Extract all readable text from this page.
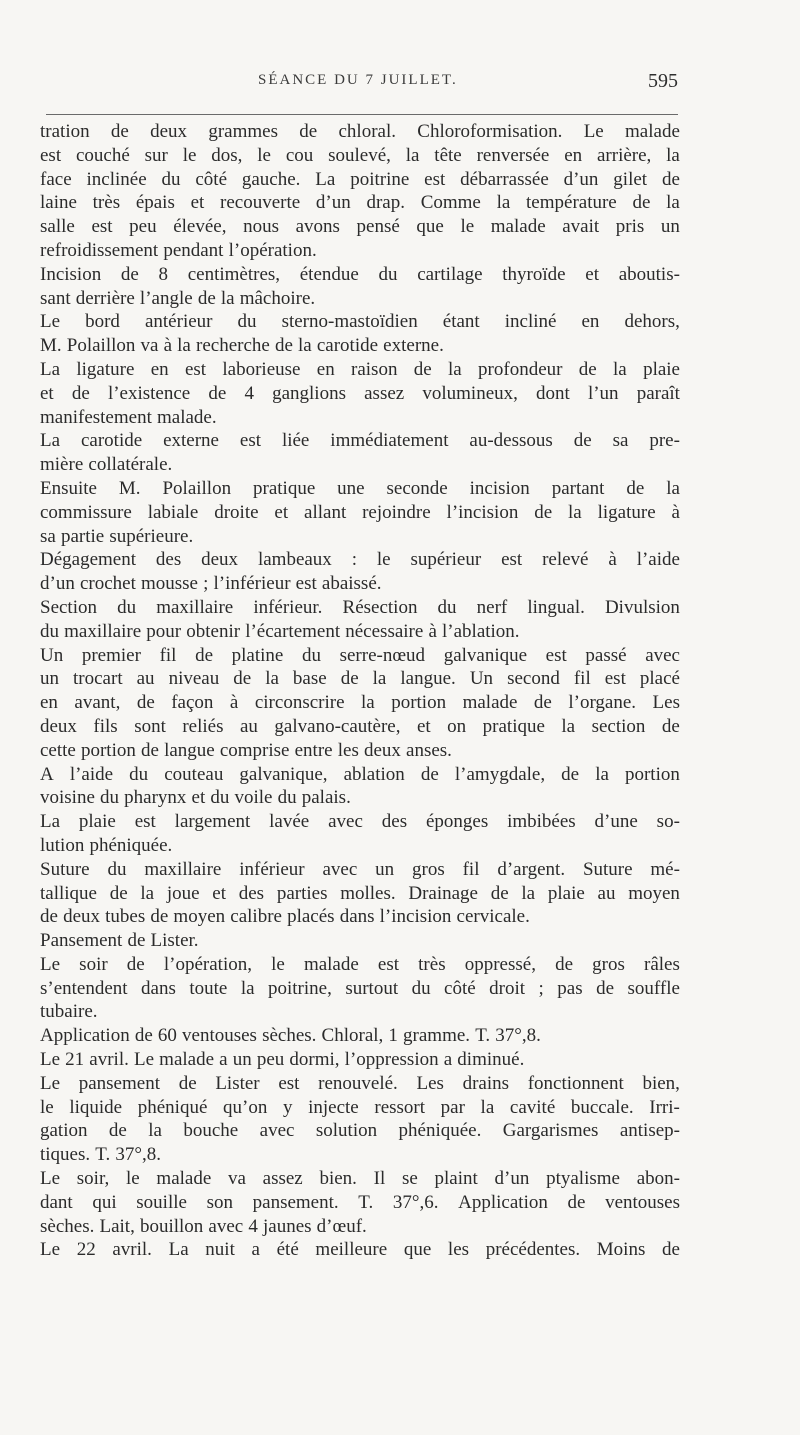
SÉANCE DU 7 JUILLET.	595
tration de deux grammes de chloral. Chloroformisation. Le malade
est couché sur le dos, le cou soulevé, la tête renversée en arrière, la
face inclinée du côté gauche. La poitrine est débarrassée d’un gilet de
laine très épais et recouverte d’un drap. Comme la température de la
salle est peu élevée, nous avons pensé que le malade avait pris un
refroidissement pendant l’opération.
Incision de 8 centimètres, étendue du cartilage thyroïde et aboutis-
sant derrière l’angle de la mâchoire.
Le bord antérieur du sterno-mastoïdien étant incliné en dehors,
M. Polaillon va à la recherche de la carotide externe.
La ligature en est laborieuse en raison de la profondeur de la plaie
et de l’existence de 4 ganglions assez volumineux, dont l’un paraît
manifestement malade.
La carotide externe est liée immédiatement au-dessous de sa pre-
mière collatérale.
Ensuite M. Polaillon pratique une seconde incision partant de la
commissure labiale droite et allant rejoindre l’incision de la ligature à
sa partie supérieure.
Dégagement des deux lambeaux : le supérieur est relevé à l’aide
d’un crochet mousse ; l’inférieur est abaissé.
Section du maxillaire inférieur. Résection du nerf lingual. Divulsion
du maxillaire pour obtenir l’écartement nécessaire à l’ablation.
Un premier fil de platine du serre-nœud galvanique est passé avec
un trocart au niveau de la base de la langue. Un second fil est placé
en avant, de façon à circonscrire la portion malade de l’organe. Les
deux fils sont reliés au galvano-cautère, et on pratique la section de
cette portion de langue comprise entre les deux anses.
A l’aide du couteau galvanique, ablation de l’amygdale, de la portion
voisine du pharynx et du voile du palais.
La plaie est largement lavée avec des éponges imbibées d’une so-
lution phéniquée.
Suture du maxillaire inférieur avec un gros fil d’argent. Suture mé-
tallique de la joue et des parties molles. Drainage de la plaie au moyen
de deux tubes de moyen calibre placés dans l’incision cervicale.
Pansement de Lister.
Le soir de l’opération, le malade est très oppressé, de gros râles
s’entendent dans toute la poitrine, surtout du côté droit ; pas de souffle
tubaire.
Application de 60 ventouses sèches. Chloral, 1 gramme. T. 37°,8.
Le 21 avril. Le malade a un peu dormi, l’oppression a diminué.
Le pansement de Lister est renouvelé. Les drains fonctionnent bien,
le liquide phéniqué qu’on y injecte ressort par la cavité buccale. Irri-
gation de la bouche avec solution phéniquée. Gargarismes antisep-
tiques. T. 37°,8.
Le soir, le malade va assez bien. Il se plaint d’un ptyalisme abon-
dant qui souille son pansement. T. 37°,6. Application de ventouses
sèches. Lait, bouillon avec 4 jaunes d’œuf.
Le 22 avril. La nuit a été meilleure que les précédentes. Moins de
